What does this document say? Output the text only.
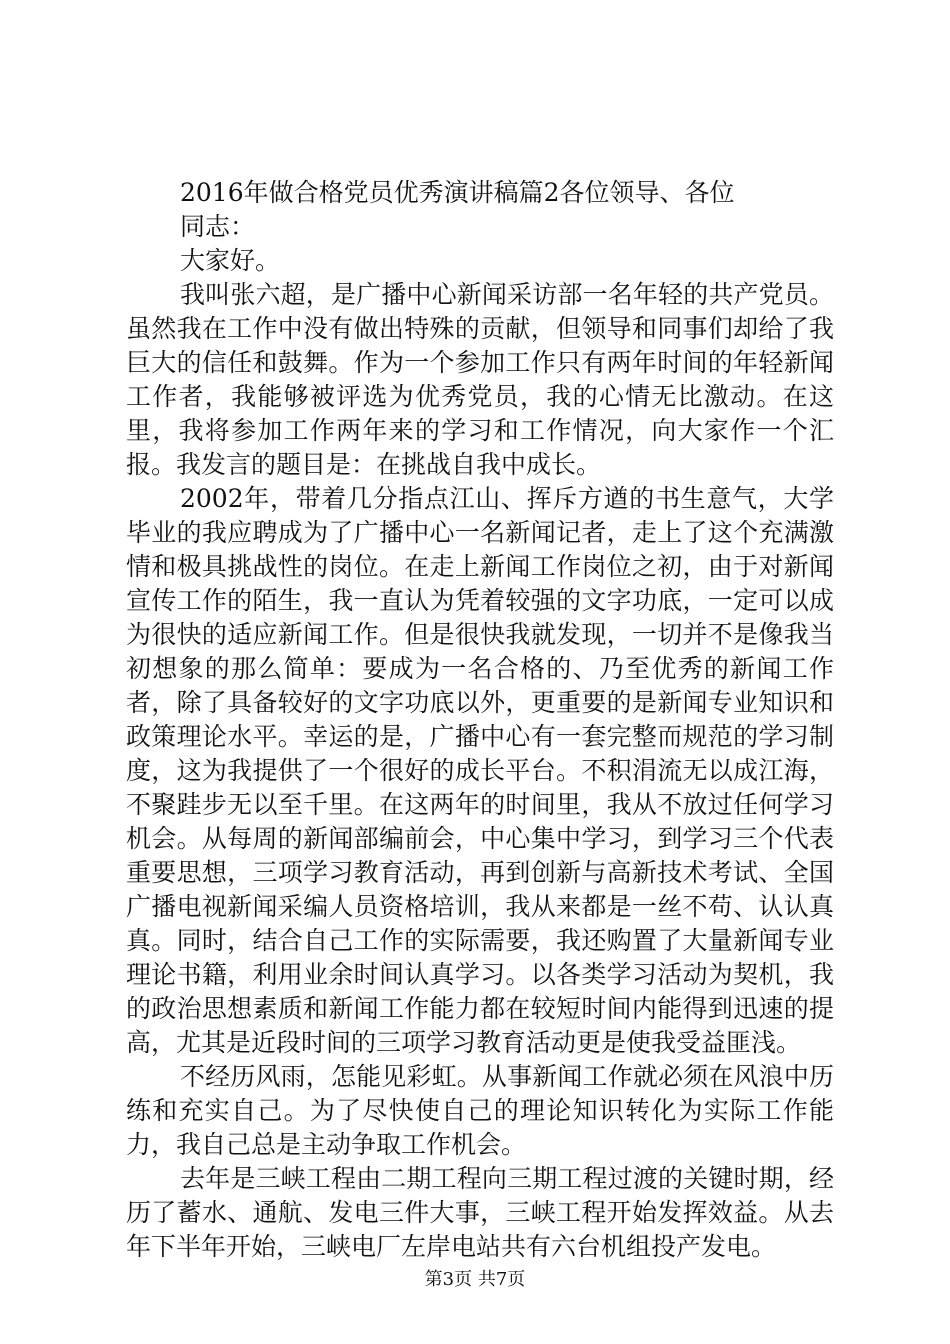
2016年做合格党员优秀演讲稿篇2各位领导、各位同志：

大家好。

我叫张六超，是广播中心新闻采访部一名年轻的共产党员。虽然我在工作中没有做出特殊的贡献，但领导和同事们却给了我巨大的信任和鼓舞。作为一个参加工作只有两年时间的年轻新闻工作者，我能够被评选为优秀党员，我的心情无比激动。在这里，我将参加工作两年来的学习和工作情况，向大家作一个汇报。我发言的题目是：在挑战自我中成长。

2002年，带着几分指点江山、挥斥方遒的书生意气，大学毕业的我应聘成为了广播中心一名新闻记者，走上了这个充满激情和极具挑战性的岗位。在走上新闻工作岗位之初，由于对新闻宣传工作的陌生，我一直认为凭着较强的文字功底，一定可以成为很快的适应新闻工作。但是很快我就发现，一切并不是像我当初想象的那么简单：要成为一名合格的、乃至优秀的新闻工作者，除了具备较好的文字功底以外，更重要的是新闻专业知识和政策理论水平。幸运的是，广播中心有一套完整而规范的学习制度，这为我提供了一个很好的成长平台。不积涓流无以成江海，不聚跬步无以至千里。在这两年的时间里，我从不放过任何学习机会。从每周的新闻部编前会，中心集中学习，到学习三个代表重要思想，三项学习教育活动，再到创新与高新技术考试、全国广播电视新闻采编人员资格培训，我从来都是一丝不苟、认认真真。同时，结合自己工作的实际需要，我还购置了大量新闻专业理论书籍，利用业余时间认真学习。以各类学习活动为契机，我的政治思想素质和新闻工作能力都在较短时间内能得到迅速的提高，尤其是近段时间的三项学习教育活动更是使我受益匪浅。

不经历风雨，怎能见彩虹。从事新闻工作就必须在风浪中历练和充实自己。为了尽快使自己的理论知识转化为实际工作能力，我自己总是主动争取工作机会。

去年是三峡工程由二期工程向三期工程过渡的关键时期，经历了蓄水、通航、发电三件大事，三峡工程开始发挥效益。从去年下半年开始，三峡电厂左岸电站共有六台机组投产发电。

第3页 共7页
